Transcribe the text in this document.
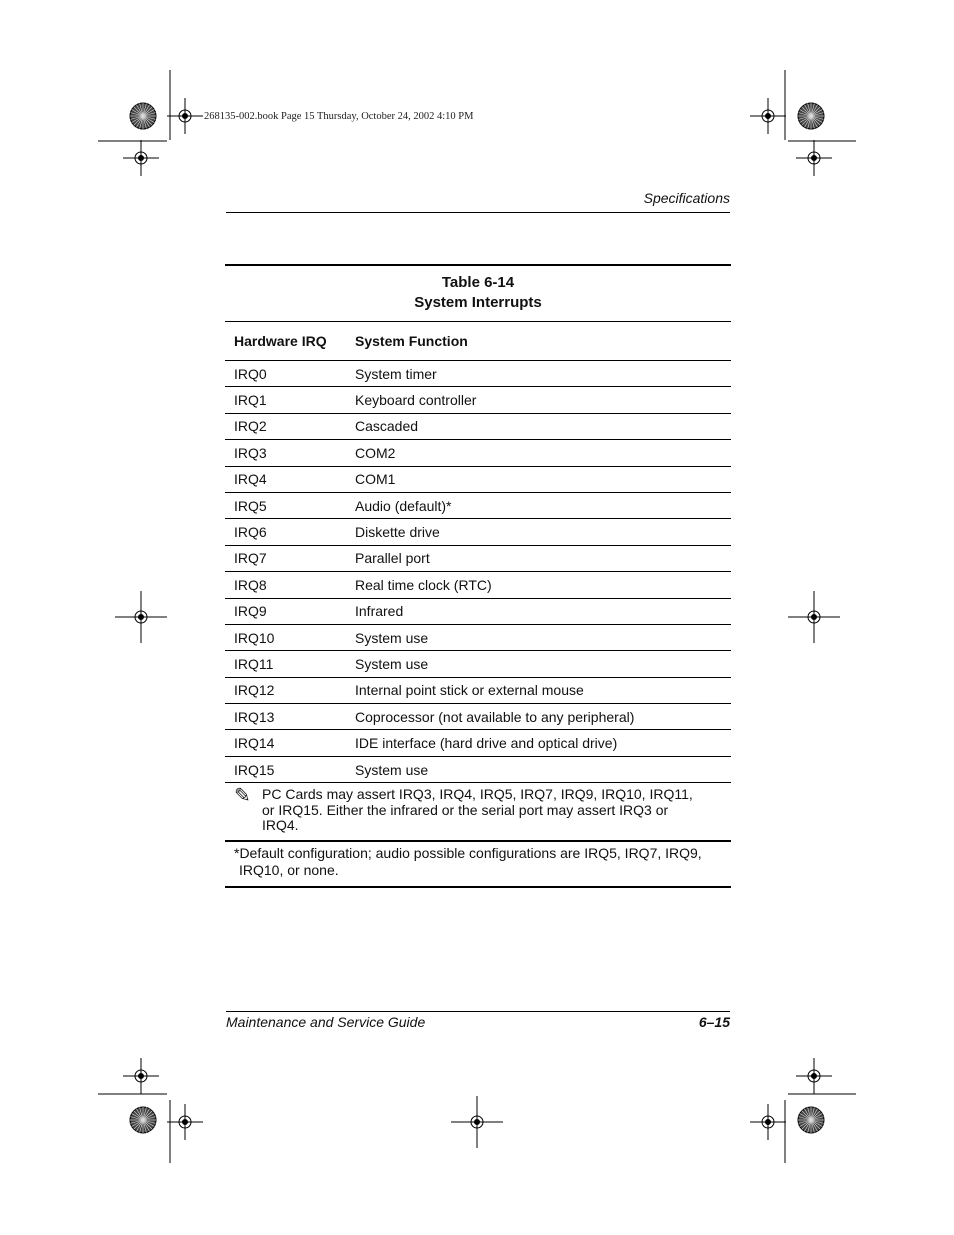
268135-002.book Page 15 Thursday, October 24, 2002 4:10 PM
Specifications
Table 6-14
System Interrupts
Hardware IRQ	System Function
IRQ0	System timer
IRQ1	Keyboard controller
IRQ2	Cascaded
IRQ3	COM2
IRQ4	COM1
IRQ5	Audio (default)*
IRQ6	Diskette drive
IRQ7	Parallel port
IRQ8	Real time clock (RTC)
IRQ9	Infrared
IRQ10	System use
IRQ11	System use
IRQ12	Internal point stick or external mouse
IRQ13	Coprocessor (not available to any peripheral)
IRQ14	IDE interface (hard drive and optical drive)
IRQ15	System use
✎ PC Cards may assert IRQ3, IRQ4, IRQ5, IRQ7, IRQ9, IRQ10, IRQ11, or IRQ15. Either the infrared or the serial port may assert IRQ3 or IRQ4.
*Default configuration; audio possible configurations are IRQ5, IRQ7, IRQ9,
IRQ10, or none.
Maintenance and Service Guide	6–15
